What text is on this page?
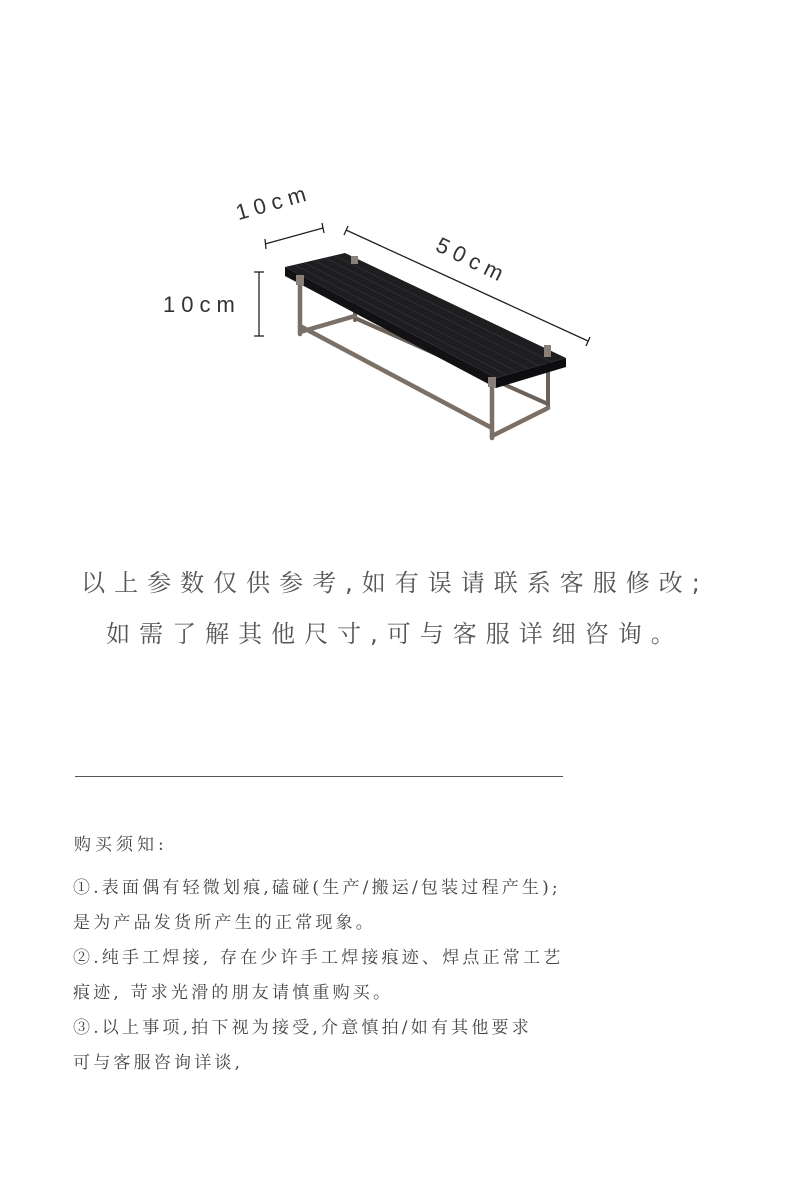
10cm
50cm
10cm
以上参数仅供参考,如有误请联系客服修改;
如需了解其他尺寸,可与客服详细咨询。
购买须知:
①.表面偶有轻微划痕,磕碰(生产/搬运/包装过程产生);
是为产品发货所产生的正常现象。
②.纯手工焊接, 存在少许手工焊接痕迹、焊点正常工艺
痕迹, 苛求光滑的朋友请慎重购买。
③.以上事项,拍下视为接受,介意慎拍/如有其他要求
可与客服咨询详谈,
